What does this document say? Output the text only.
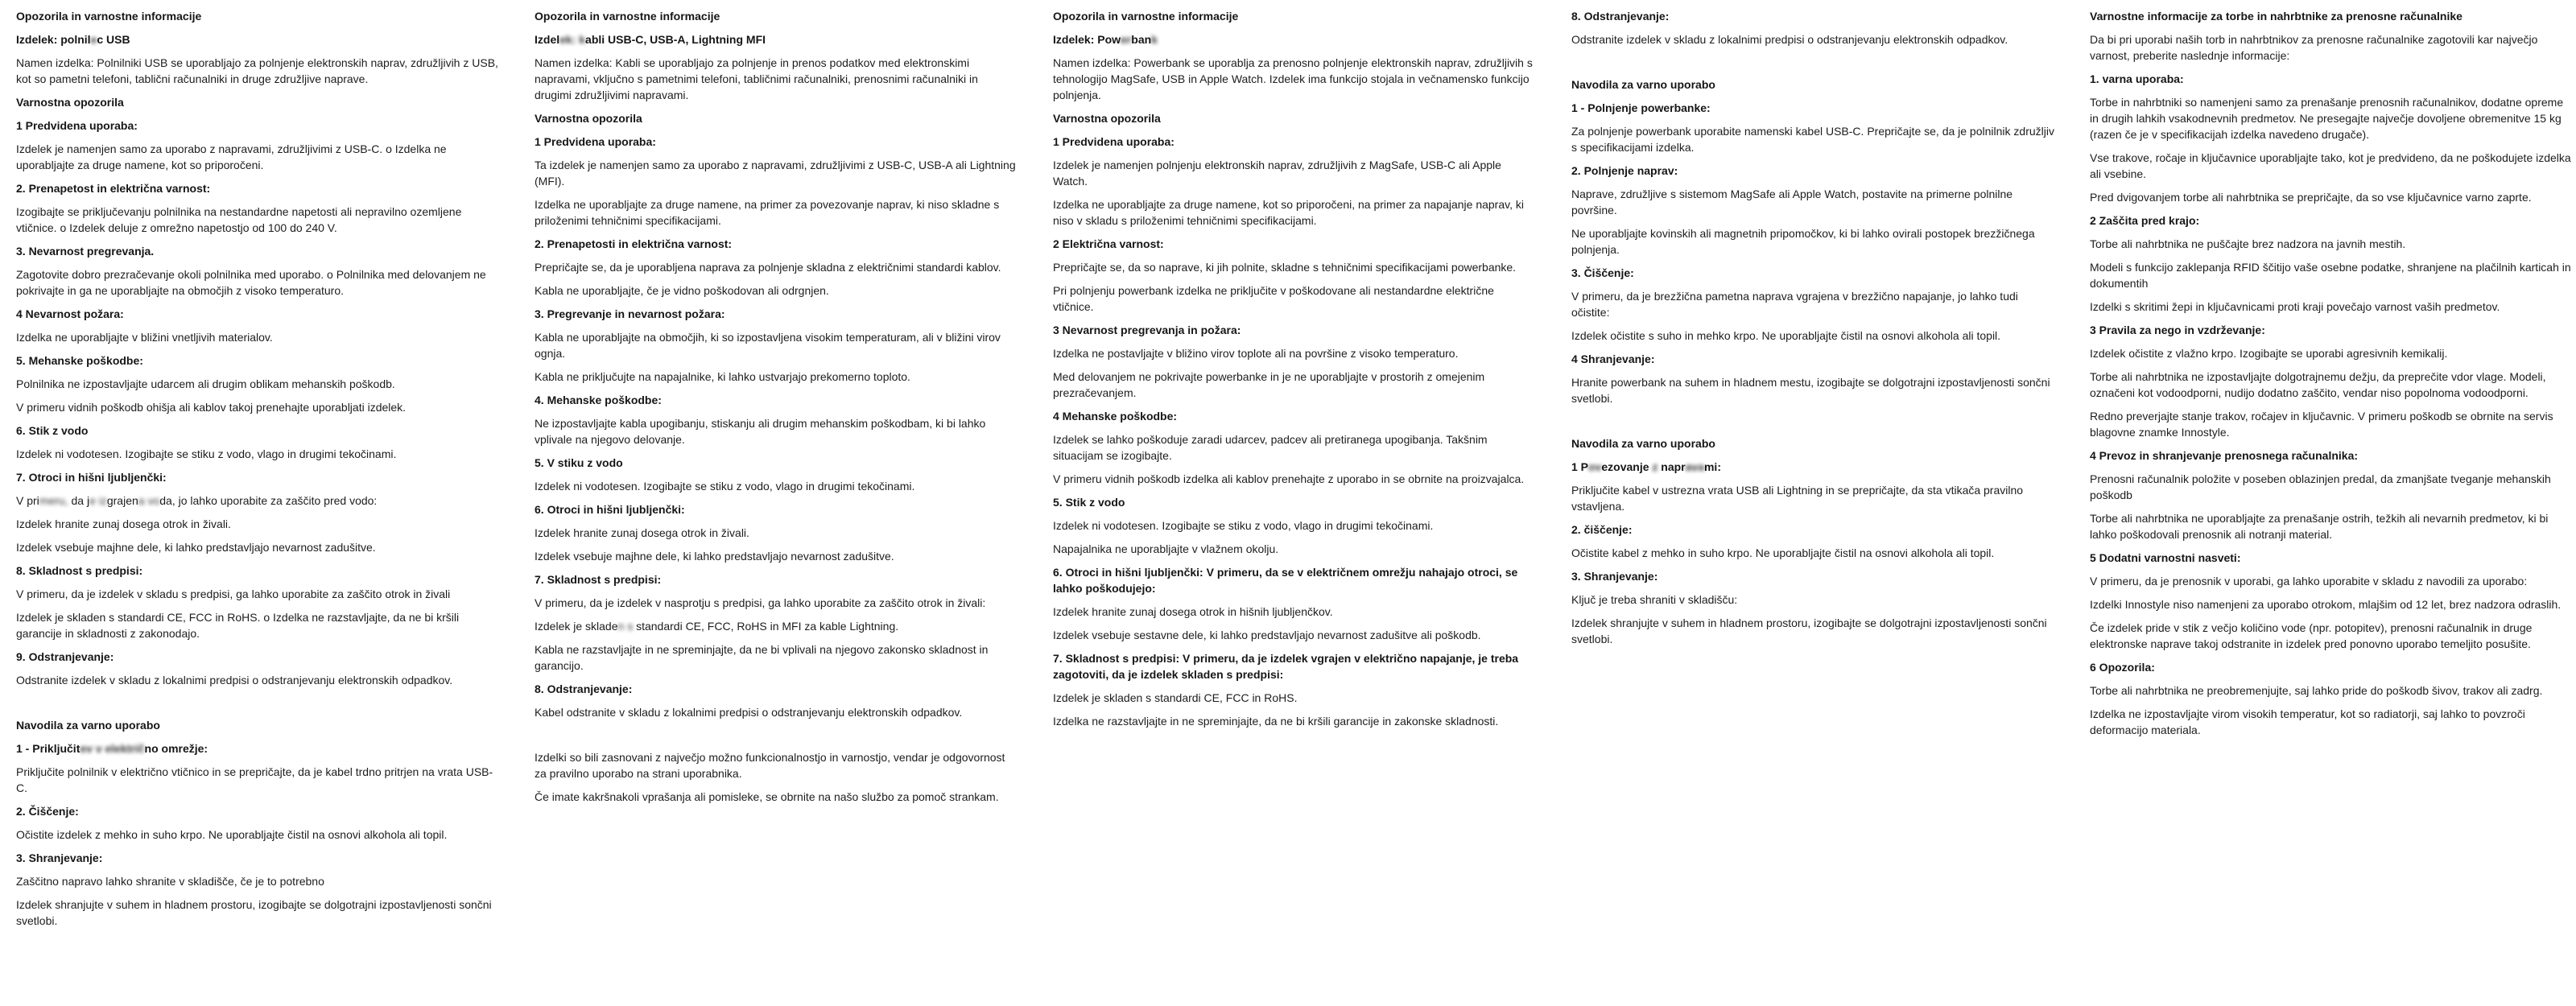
Opozorila in varnostne informacije

Izdelek: polnilec USB

Namen izdelka: Polnilniki USB se uporabljajo za polnjenje elektronskih naprav, združljivih z USB, kot so pametni telefoni, tablični računalniki in druge združljive naprave.

Varnostna opozorila

1 Predvidena uporaba:

Izdelek je namenjen samo za uporabo z napravami, združljivimi z USB-C. o Izdelka ne uporabljajte za druge namene, kot so priporočeni.

2. Prenapetost in električna varnost:

Izogibajte se priključevanju polnilnika na nestandardne napetosti ali nepravilno ozemljene vtičnice. o Izdelek deluje z omrežno napetostjo od 100 do 240 V.

3. Nevarnost pregrevanja.

Zagotovite dobro prezračevanje okoli polnilnika med uporabo. o Polnilnika med delovanjem ne pokrivajte in ga ne uporabljajte na območjih z visoko temperaturo.

4 Nevarnost požara:

Izdelka ne uporabljajte v bližini vnetljivih materialov.

5. Mehanske poškodbe:

Polnilnika ne izpostavljajte udarcem ali drugim oblikam mehanskih poškodb.

V primeru vidnih poškodb ohišja ali kablov takoj prenehajte uporabljati izdelek.

6. Stik z vodo

Izdelek ni vodotesen. Izogibajte se stiku z vodo, vlago in drugimi tekočinami.

7. Otroci in hišni ljubljenčki:

V primeru, da je izgrajena voda, jo lahko uporabite za zaščito pred vodo:

Izdelek hranite zunaj dosega otrok in živali.

Izdelek vsebuje majhne dele, ki lahko predstavljajo nevarnost zadušitve.

8. Skladnost s predpisi:

V primeru, da je izdelek v skladu s predpisi, ga lahko uporabite za zaščito otrok in živali

Izdelek je skladen s standardi CE, FCC in RoHS. o Izdelka ne razstavljajte, da ne bi kršili garancije in skladnosti z zakonodajo.

9. Odstranjevanje:

Odstranite izdelek v skladu z lokalnimi predpisi o odstranjevanju elektronskih odpadkov.

Navodila za varno uporabo

1 - Priključitev v električno omrežje:

Priključite polnilnik v električno vtičnico in se prepričajte, da je kabel trdno pritrjen na vrata USB-C.

2. Čiščenje:

Očistite izdelek z mehko in suho krpo. Ne uporabljajte čistil na osnovi alkohola ali topil.

3. Shranjevanje:

Zaščitno napravo lahko shranite v skladišče, če je to potrebno

Izdelek shranjujte v suhem in hladnem prostoru, izogibajte se dolgotrajni izpostavljenosti sončni svetlobi.

Opozorila in varnostne informacije

Izdelek: kabli USB-C, USB-A, Lightning MFI

Namen izdelka: Kabli se uporabljajo za polnjenje in prenos podatkov med elektronskimi napravami, vključno s pametnimi telefoni, tabličnimi računalniki, prenosnimi računalniki in drugimi združljivimi napravami.

Varnostna opozorila

1 Predvidena uporaba:

Ta izdelek je namenjen samo za uporabo z napravami, združljivimi z USB-C, USB-A ali Lightning (MFI).

Izdelka ne uporabljajte za druge namene, na primer za povezovanje naprav, ki niso skladne s priloženimi tehničnimi specifikacijami.

2. Prenapetosti in električna varnost:

Prepričajte se, da je uporabljena naprava za polnjenje skladna z električnimi standardi kablov.

Kabla ne uporabljajte, če je vidno poškodovan ali odrgnjen.

3. Pregrevanje in nevarnost požara:

Kabla ne uporabljajte na območjih, ki so izpostavljena visokim temperaturam, ali v bližini virov ognja.

Kabla ne priključujte na napajalnike, ki lahko ustvarjajo prekomerno toploto.

4. Mehanske poškodbe:

Ne izpostavljajte kabla upogibanju, stiskanju ali drugim mehanskim poškodbam, ki bi lahko vplivale na njegovo delovanje.

5. V stiku z vodo

Izdelek ni vodotesen. Izogibajte se stiku z vodo, vlago in drugimi tekočinami.

6. Otroci in hišni ljubljenčki:

Izdelek hranite zunaj dosega otrok in živali.

Izdelek vsebuje majhne dele, ki lahko predstavljajo nevarnost zadušitve.

7. Skladnost s predpisi:

V primeru, da je izdelek v nasprotju s predpisi, ga lahko uporabite za zaščito otrok in živali:

Izdelek je skladen s standardi CE, FCC, RoHS in MFI za kable Lightning.

Kabla ne razstavljajte in ne spreminjajte, da ne bi vplivali na njegovo zakonsko skladnost in garancijo.

8. Odstranjevanje:

Kabel odstranite v skladu z lokalnimi predpisi o odstranjevanju elektronskih odpadkov.

Izdelki so bili zasnovani z največjo možno funkcionalnostjo in varnostjo, vendar je odgovornost za pravilno uporabo na strani uporabnika.

Če imate kakršnakoli vprašanja ali pomisleke, se obrnite na našo službo za pomoč strankam.

Opozorila in varnostne informacije

Izdelek: Powerbank

Namen izdelka: Powerbank se uporablja za prenosno polnjenje elektronskih naprav, združljivih s tehnologijo MagSafe, USB in Apple Watch. Izdelek ima funkcijo stojala in večnamensko funkcijo polnjenja.

Varnostna opozorila

1 Predvidena uporaba:

Izdelek je namenjen polnjenju elektronskih naprav, združljivih z MagSafe, USB-C ali Apple Watch.

Izdelka ne uporabljajte za druge namene, kot so priporočeni, na primer za napajanje naprav, ki niso v skladu s priloženimi tehničnimi specifikacijami.

2 Električna varnost:

Prepričajte se, da so naprave, ki jih polnite, skladne s tehničnimi specifikacijami powerbanke.

Pri polnjenju powerbank izdelka ne priključite v poškodovane ali nestandardne električne vtičnice.

3 Nevarnost pregrevanja in požara:

Izdelka ne postavljajte v bližino virov toplote ali na površine z visoko temperaturo.

Med delovanjem ne pokrivajte powerbanke in je ne uporabljajte v prostorih z omejenim prezračevanjem.

4 Mehanske poškodbe:

Izdelek se lahko poškoduje zaradi udarcev, padcev ali pretiranega upogibanja. Takšnim situacijam se izogibajte.

V primeru vidnih poškodb izdelka ali kablov prenehajte z uporabo in se obrnite na proizvajalca.

5. Stik z vodo

Izdelek ni vodotesen. Izogibajte se stiku z vodo, vlago in drugimi tekočinami.

Napajalnika ne uporabljajte v vlažnem okolju.

6. Otroci in hišni ljubljenčki: V primeru, da se v električnem omrežju nahajajo otroci, se lahko poškodujejo:

Izdelek hranite zunaj dosega otrok in hišnih ljubljenčkov.

Izdelek vsebuje sestavne dele, ki lahko predstavljajo nevarnost zadušitve ali poškodb.

7. Skladnost s predpisi: V primeru, da je izdelek vgrajen v električno napajanje, je treba zagotoviti, da je izdelek skladen s predpisi:

Izdelek je skladen s standardi CE, FCC in RoHS.

Izdelka ne razstavljajte in ne spreminjajte, da ne bi kršili garancije in zakonske skladnosti.

8. Odstranjevanje:

Odstranite izdelek v skladu z lokalnimi predpisi o odstranjevanju elektronskih odpadkov.

Navodila za varno uporabo

1 - Polnjenje powerbanke:

Za polnjenje powerbank uporabite namenski kabel USB-C. Prepričajte se, da je polnilnik združljiv s specifikacijami izdelka.

2. Polnjenje naprav:

Naprave, združljive s sistemom MagSafe ali Apple Watch, postavite na primerne polnilne površine.

Ne uporabljajte kovinskih ali magnetnih pripomočkov, ki bi lahko ovirali postopek brezžičnega polnjenja.

3. Čiščenje:

V primeru, da je brezžična pametna naprava vgrajena v brezžično napajanje, jo lahko tudi očistite:

Izdelek očistite s suho in mehko krpo. Ne uporabljajte čistil na osnovi alkohola ali topil.

4 Shranjevanje:

Hranite powerbank na suhem in hladnem mestu, izogibajte se dolgotrajni izpostavljenosti sončni svetlobi.

Navodila za varno uporabo

1 Povezovanje z napravami:

Priključite kabel v ustrezna vrata USB ali Lightning in se prepričajte, da sta vtikača pravilno vstavljena.

2. čiščenje:

Očistite kabel z mehko in suho krpo. Ne uporabljajte čistil na osnovi alkohola ali topil.

3. Shranjevanje:

Ključ je treba shraniti v skladišču:

Izdelek shranjujte v suhem in hladnem prostoru, izogibajte se dolgotrajni izpostavljenosti sončni svetlobi.

Varnostne informacije za torbe in nahrbtnike za prenosne računalnike

Da bi pri uporabi naših torb in nahrbtnikov za prenosne računalnike zagotovili kar največjo varnost, preberite naslednje informacije:

1. varna uporaba:

Torbe in nahrbtniki so namenjeni samo za prenašanje prenosnih računalnikov, dodatne opreme in drugih lahkih vsakodnevnih predmetov. Ne presegajte največje dovoljene obremenitve 15 kg (razen če je v specifikacijah izdelka navedeno drugače).

Vse trakove, ročaje in ključavnice uporabljajte tako, kot je predvideno, da ne poškodujete izdelka ali vsebine.

Pred dvigovanjem torbe ali nahrbtnika se prepričajte, da so vse ključavnice varno zaprte.

2 Zaščita pred krajo:

Torbe ali nahrbtnika ne puščajte brez nadzora na javnih mestih.

Modeli s funkcijo zaklepanja RFID ščitijo vaše osebne podatke, shranjene na plačilnih karticah in dokumentih

Izdelki s skritimi žepi in ključavnicami proti kraji povečajo varnost vaših predmetov.

3 Pravila za nego in vzdrževanje:

Izdelek očistite z vlažno krpo. Izogibajte se uporabi agresivnih kemikalij.

Torbe ali nahrbtnika ne izpostavljajte dolgotrajnemu dežju, da preprečite vdor vlage. Modeli, označeni kot vodoodporni, nudijo dodatno zaščito, vendar niso popolnoma vodoodporni.

Redno preverjajte stanje trakov, ročajev in ključavnic. V primeru poškodb se obrnite na servis blagovne znamke Innostyle.

4 Prevoz in shranjevanje prenosnega računalnika:

Prenosni računalnik položite v poseben oblazinjen predal, da zmanjšate tveganje mehanskih poškodb

Torbe ali nahrbtnika ne uporabljajte za prenašanje ostrih, težkih ali nevarnih predmetov, ki bi lahko poškodovali prenosnik ali notranji material.

5 Dodatni varnostni nasveti:

V primeru, da je prenosnik v uporabi, ga lahko uporabite v skladu z navodili za uporabo:

Izdelki Innostyle niso namenjeni za uporabo otrokom, mlajšim od 12 let, brez nadzora odraslih.

Če izdelek pride v stik z večjo količino vode (npr. potopitev), prenosni računalnik in druge elektronske naprave takoj odstranite in izdelek pred ponovno uporabo temeljito posušite.

6 Opozorila:

Torbe ali nahrbtnika ne preobremenjujte, saj lahko pride do poškodb šivov, trakov ali zadrg.

Izdelka ne izpostavljajte virom visokih temperatur, kot so radiatorji, saj lahko to povzroči deformacijo materiala.
